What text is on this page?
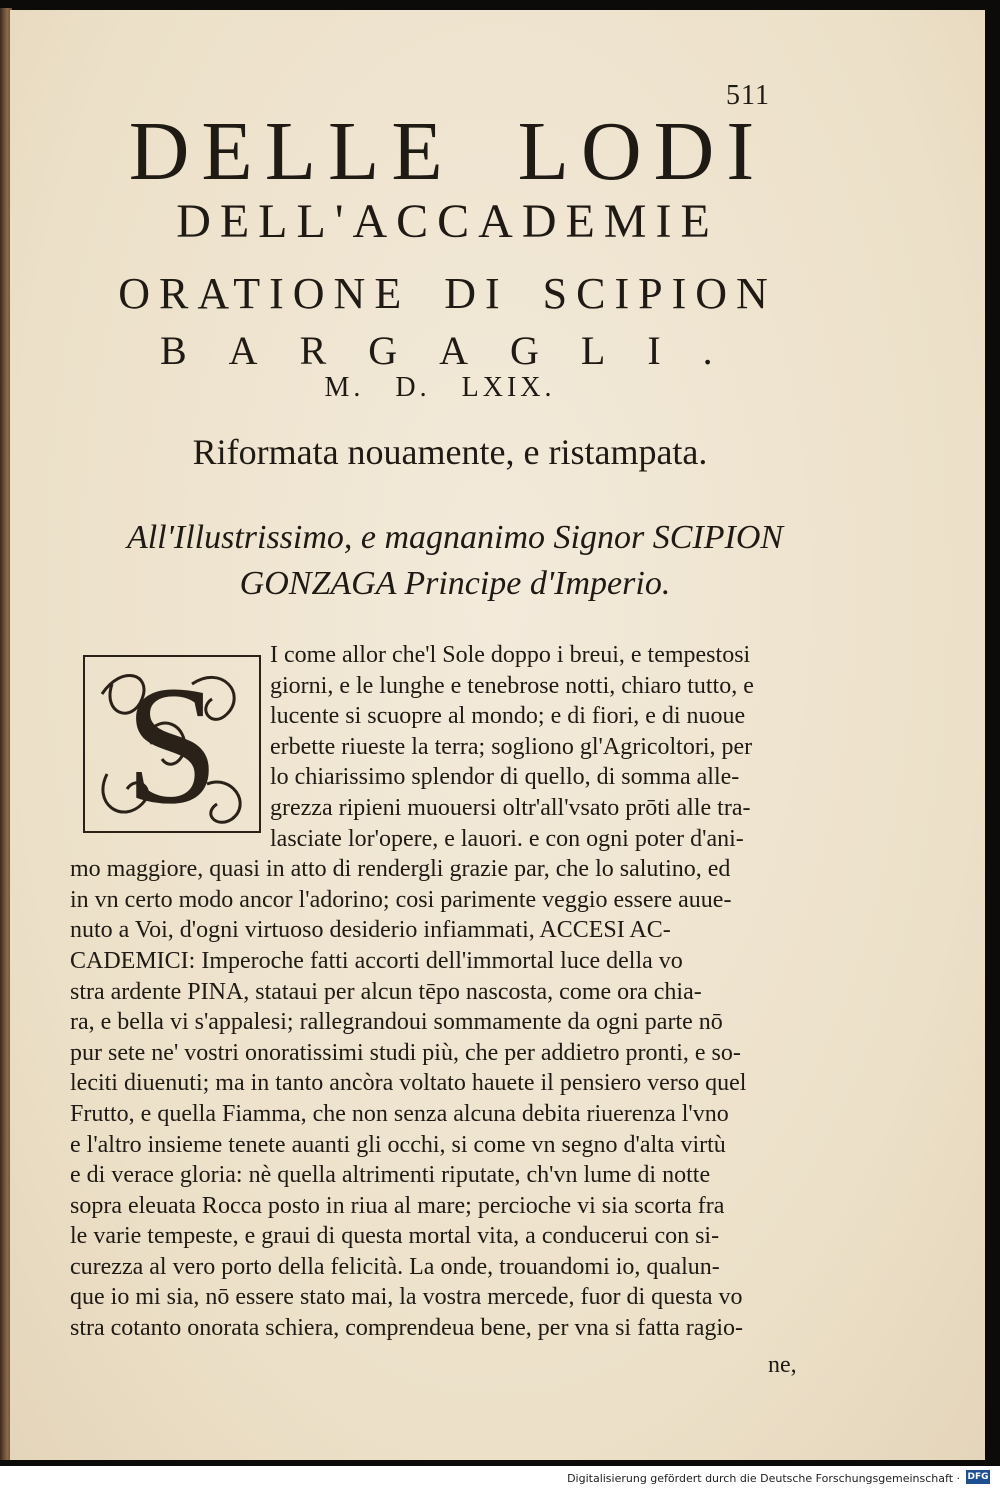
511
DELLE LODI
DELL'ACCADEMIE
ORATIONE DI SCIPION
BARGAGLI.
M. D. LXIX.
Riformata nouamente, e ristampata.
All'Illustrissimo, e magnanimo Signor SCIPION
GONZAGA Principe d'Imperio.
S	I come allor che'l Sole doppo i breui, e tempestosi
giorni, e le lunghe e tenebrose notti, chiaro tutto, e
lucente si scuopre al mondo; e di fiori, e di nuoue
erbette riueste la terra; sogliono gl'Agricoltori, per
lo chiarissimo splendor di quello, di somma alle-
grezza ripieni muouersi oltr'all'vsato prōti alle tra-
lasciate lor'opere, e lauori. e con ogni poter d'ani-
mo maggiore, quasi in atto di rendergli grazie par, che lo salutino, ed
in vn certo modo ancor l'adorino; cosi parimente veggio essere auue-
nuto a Voi, d'ogni virtuoso desiderio infiammati, ACCESI AC-
CADEMICI: Imperoche fatti accorti dell'immortal luce della vo
stra ardente PINA, stataui per alcun tēpo nascosta, come ora chia-
ra, e bella vi s'appalesi; rallegrandoui sommamente da ogni parte nō
pur sete ne' vostri onoratissimi studi più, che per addietro pronti, e so-
leciti diuenuti; ma in tanto ancòra voltato hauete il pensiero verso quel
Frutto, e quella Fiamma, che non senza alcuna debita riuerenza l'vno
e l'altro insieme tenete auanti gli occhi, si come vn segno d'alta virtù
e di verace gloria: nè quella altrimenti riputate, ch'vn lume di notte
sopra eleuata Rocca posto in riua al mare; percioche vi sia scorta fra
le varie tempeste, e graui di questa mortal vita, a conducerui con si-
curezza al vero porto della felicità. La onde, trouandomi io, qualun-
que io mi sia, nō essere stato mai, la vostra mercede, fuor di questa vo
stra cotanto onorata schiera, comprendeua bene, per vna si fatta ragio-
ne,
Digitalisierung gefördert durch die Deutsche Forschungsgemeinschaft · DFG
